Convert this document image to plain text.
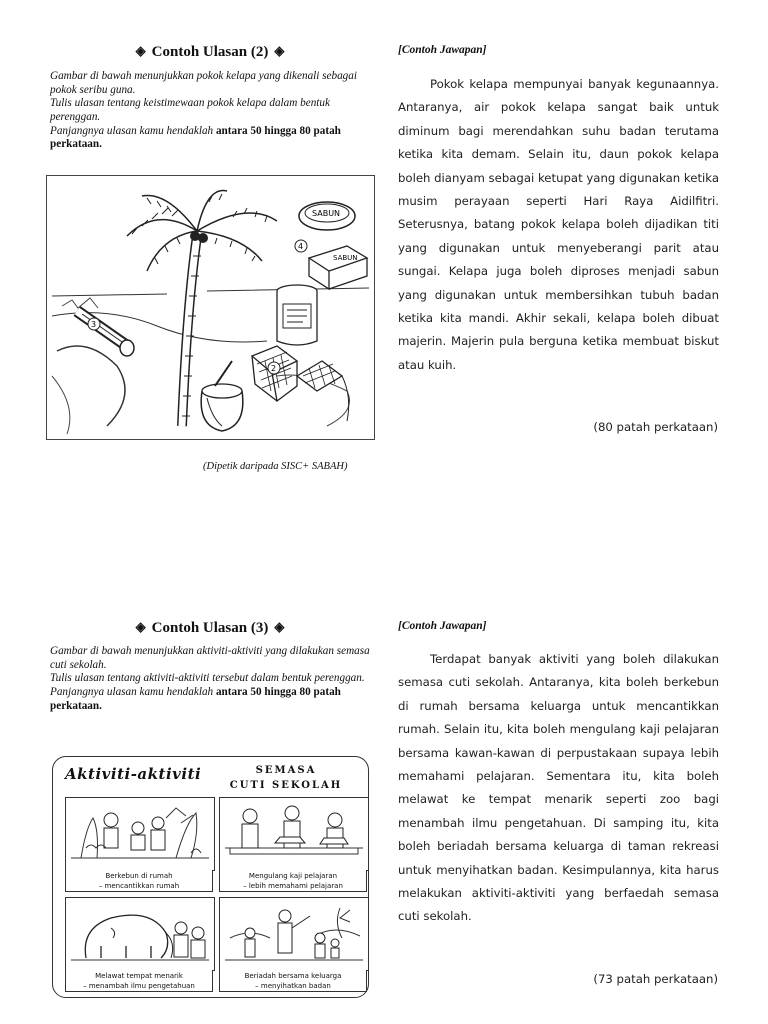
◈ Contoh Ulasan (2) ◈

Gambar di bawah menunjukkan pokok kelapa yang dikenali sebagai pokok seribu guna.

Tulis ulasan tentang keistimewaan pokok kelapa dalam bentuk perenggan.

Panjangnya ulasan kamu hendaklah antara 50 hingga 80 patah perkataan.

3
SABUN
SABUN
4
2
(Dipetik daripada SISC+ SABAH)
[Contoh Jawapan]

Pokok kelapa mempunyai banyak kegunaannya. Antaranya, air pokok kelapa sangat baik untuk diminum bagi merendahkan suhu badan terutama ketika kita demam. Selain itu, daun pokok kelapa boleh dianyam sebagai ketupat yang digunakan ketika musim perayaan seperti Hari Raya Aidilfitri. Seterusnya, batang pokok kelapa boleh dijadikan titi yang digunakan untuk menyeberangi parit atau sungai. Kelapa juga boleh diproses menjadi sabun yang digunakan untuk membersihkan tubuh badan ketika kita mandi. Akhir sekali, kelapa boleh dibuat majerin. Majerin pula berguna ketika membuat biskut atau kuih.

(80 patah perkataan)
◈ Contoh Ulasan (3) ◈

Gambar di bawah menunjukkan aktiviti-aktiviti yang dilakukan semasa cuti sekolah.

Tulis ulasan tentang aktiviti-aktiviti tersebut dalam bentuk perenggan.

Panjangnya ulasan kamu hendaklah antara 50 hingga 80 patah perkataan.

Aktiviti-aktiviti	SEMASA
CUTI SEKOLAH
Berkebun di rumah
– mencantikkan rumah
Mengulang kaji pelajaran
– lebih memahami pelajaran
Melawat tempat menarik
– menambah ilmu pengetahuan
Beriadah bersama keluarga
– menyihatkan badan
[Contoh Jawapan]

Terdapat banyak aktiviti yang boleh dilakukan semasa cuti sekolah. Antaranya, kita boleh berkebun di rumah bersama keluarga untuk mencantikkan rumah. Selain itu, kita boleh mengulang kaji pelajaran bersama kawan-kawan di perpustakaan supaya lebih memahami pelajaran. Sementara itu, kita boleh melawat ke tempat menarik seperti zoo bagi menambah ilmu pengetahuan. Di samping itu, kita boleh beriadah bersama keluarga di taman rekreasi untuk menyihatkan badan. Kesimpulannya, kita harus melakukan aktiviti-aktiviti yang berfaedah semasa cuti sekolah.

(73 patah perkataan)
